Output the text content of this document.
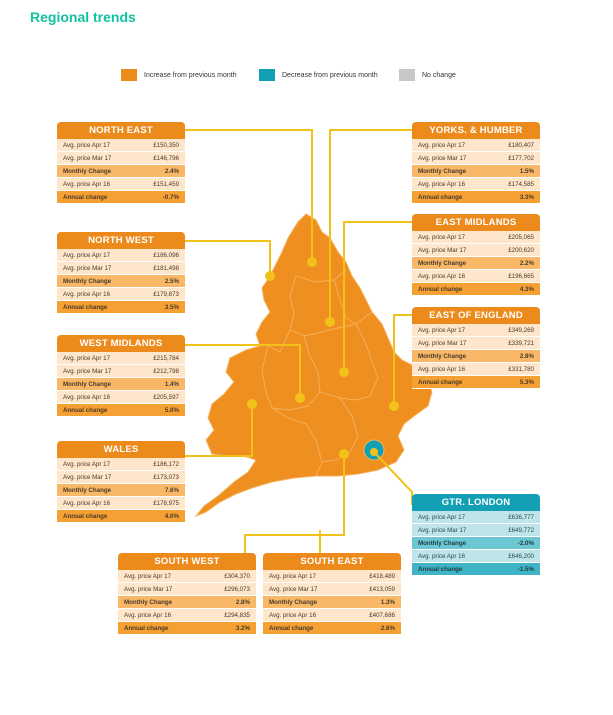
Regional trends
Increase from previous month	Decrease from previous month	No change
NORTH EAST
Avg. price Apr 17	£150,350
Avg. price Mar 17	£146,796
Monthly Change	2.4%
Avg. price Apr 16	£151,459
Annual change	-0.7%
NORTH WEST
Avg. price Apr 17	£186,096
Avg. price Mar 17	£181,498
Monthly Change	2.5%
Avg. price Apr 16	£179,873
Annual change	3.5%
WEST MIDLANDS
Avg. price Apr 17	£215,784
Avg. price Mar 17	£212,798
Monthly Change	1.4%
Avg. price Apr 16	£205,597
Annual change	5.0%
WALES
Avg. price Apr 17	£186,172
Avg. price Mar 17	£173,073
Monthly Change	7.6%
Avg. price Apr 16	£178,975
Annual change	4.0%
SOUTH WEST
Avg. price Apr 17	£304,370
Avg. price Mar 17	£296,073
Monthly Change	2.8%
Avg. price Apr 16	£294,835
Annual change	3.2%
SOUTH EAST
Avg. price Apr 17	£418,489
Avg. price Mar 17	£413,059
Monthly Change	1.3%
Avg. price Apr 16	£407,686
Annual change	2.6%
YORKS. & HUMBER
Avg. price Apr 17	£180,407
Avg. price Mar 17	£177,702
Monthly Change	1.5%
Avg. price Apr 16	£174,585
Annual change	3.3%
EAST MIDLANDS
Avg. price Apr 17	£205,065
Avg. price Mar 17	£200,620
Monthly Change	2.2%
Avg. price Apr 16	£196,665
Annual change	4.3%
EAST OF ENGLAND
Avg. price Apr 17	£349,269
Avg. price Mar 17	£339,721
Monthly Change	2.8%
Avg. price Apr 16	£331,780
Annual change	5.3%
GTR. LONDON
Avg. price Apr 17	£636,777
Avg. price Mar 17	£649,772
Monthly Change	-2.0%
Avg. price Apr 16	£646,200
Annual change	-1.5%
